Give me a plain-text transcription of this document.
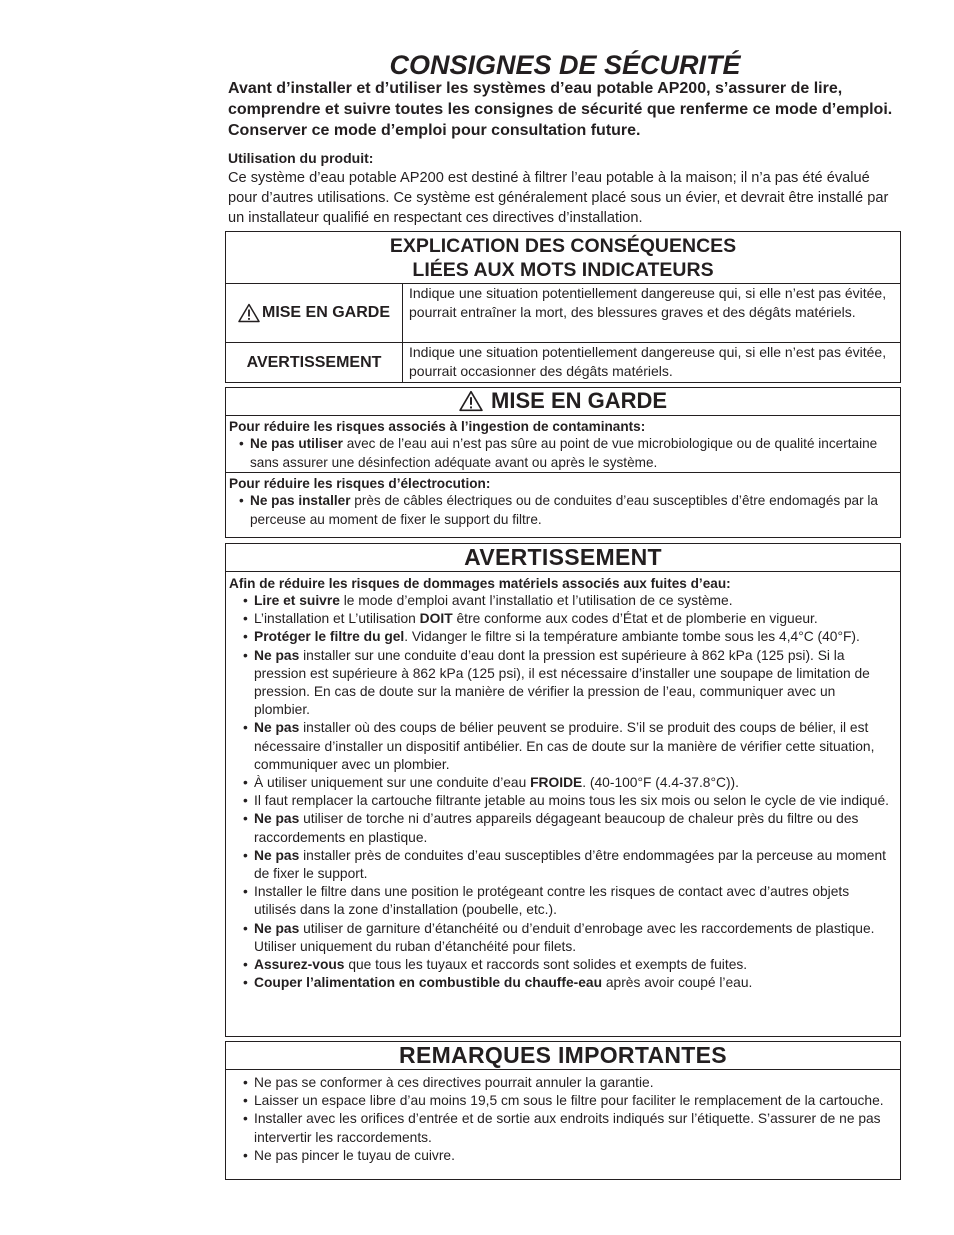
CONSIGNES DE SÉCURITÉ

Avant d’installer et d’utiliser les systèmes d’eau potable AP200, s’assurer de lire, comprendre et suivre toutes les consignes de sécurité que renferme ce mode d’emploi. Conserver ce mode d’emploi pour consultation future.

Utilisation du produit:

Ce système d’eau potable AP200 est destiné à filtrer l’eau potable à la maison; il n’a pas été évalué pour d’autres utilisations. Ce système est généralement placé sous un évier, et devrait être installé par un installateur qualifié en respectant ces directives d’installation.

EXPLICATION DES CONSÉQUENCES
LIÉES AUX MOTS INDICATEURS
MISE EN GARDE
Indique une situation potentiellement dangereuse qui, si elle n’est pas évitée, pourrait entraîner la mort, des blessures graves et des dégâts matériels.
AVERTISSEMENT
Indique une situation potentiellement dangereuse qui, si elle n’est pas évitée, pourrait occasionner des dégâts matériels.
MISE EN GARDE
Pour réduire les risques associés à l’ingestion de contaminants:
• Ne pas utiliser avec de l’eau aui n’est pas sûre au point de vue microbiologique ou de qualité incertaine sans assurer une désinfection adéquate avant ou après le système.
Pour réduire les risques d’électrocution:
• Ne pas installer près de câbles électriques ou de conduites d’eau susceptibles d’être endomagés par la perceuse au moment de fixer le support du filtre.
AVERTISSEMENT
Afin de réduire les risques de dommages matériels associés aux fuites d’eau:
• Lire et suivre le mode d’emploi avant l’installatio et l’utilisation de ce système.
• L’installation et L’utilisation DOIT être conforme aux codes d’État et de plomberie en vigueur.
• Protéger le filtre du gel. Vidanger le filtre si la température ambiante tombe sous les 4,4°C (40°F).
• Ne pas installer sur une conduite d’eau dont la pression est supérieure à 862 kPa (125 psi). Si la pression est supérieure à 862 kPa (125 psi), il est nécessaire d’installer une soupape de limitation de pression. En cas de doute sur la manière de vérifier la pression de l’eau, communiquer avec un plombier.
• Ne pas installer où des coups de bélier peuvent se produire. S’il se produit des coups de bélier, il est nécessaire d’installer un dispositif antibélier. En cas de doute sur la manière de vérifier cette situation, communiquer avec un plombier.
• À utiliser uniquement sur une conduite d’eau FROIDE. (40-100°F (4.4-37.8°C)).
• Il faut remplacer la cartouche filtrante jetable au moins tous les six mois ou selon le cycle de vie indiqué.
• Ne pas utiliser de torche ni d’autres appareils dégageant beaucoup de chaleur près du filtre ou des raccordements en plastique.
• Ne pas installer près de conduites d’eau susceptibles d’être endommagées par la perceuse au moment de fixer le support.
• Installer le filtre dans une position le protégeant contre les risques de contact avec d’autres objets utilisés dans la zone d’installation (poubelle, etc.).
• Ne pas utiliser de garniture d’étanchéité ou d’enduit d’enrobage avec les raccordements de plastique. Utiliser uniquement du ruban d’étanchéité pour filets.
• Assurez-vous que tous les tuyaux et raccords sont solides et exempts de fuites.
• Couper l’alimentation en combustible du chauffe-eau après avoir coupé l’eau.
REMARQUES IMPORTANTES
• Ne pas se conformer à ces directives pourrait annuler la garantie.
• Laisser un espace libre d’au moins 19,5 cm sous le filtre pour faciliter le remplacement de la cartouche.
• Installer avec les orifices d’entrée et de sortie aux endroits indiqués sur l’étiquette. S’assurer de ne pas intervertir les raccordements.
• Ne pas pincer le tuyau de cuivre.
